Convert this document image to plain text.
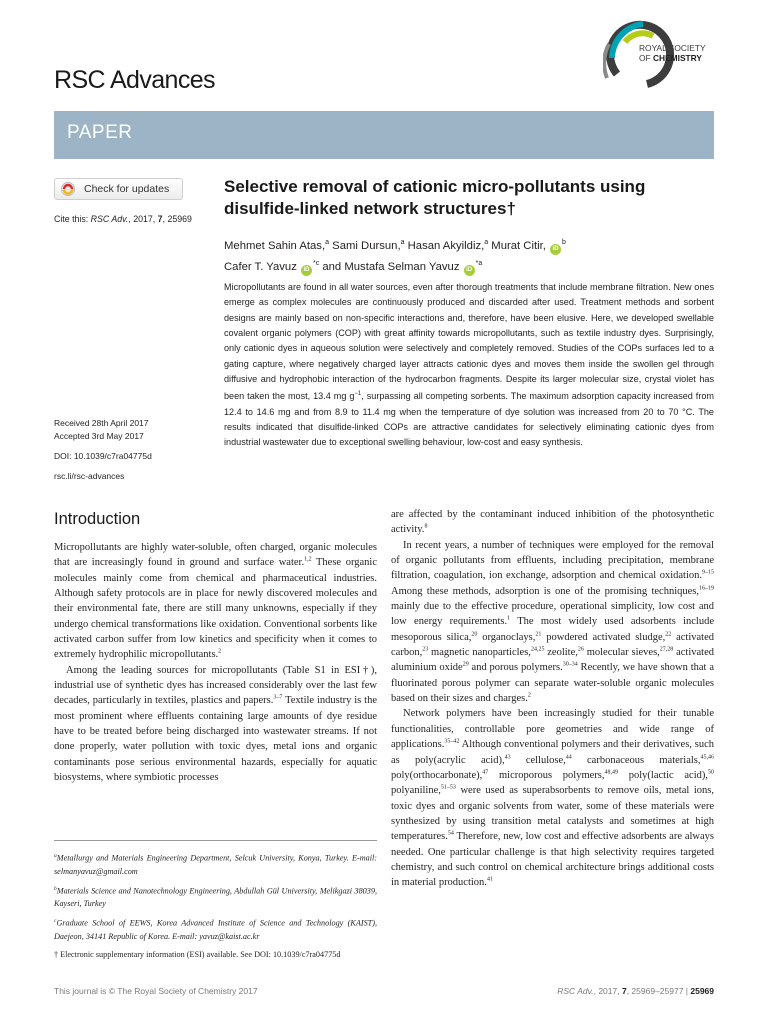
RSC Advances
ROYAL SOCIETY
OF CHEMISTRY
PAPER
Check for updates
Cite this: RSC Adv., 2017, 7, 25969
Selective removal of cationic micro-pollutants using disulfide-linked network structures†
Mehmet Sahin Atas,$^a$ Sami Dursun,$^a$ Hasan Akyildiz,$^a$ Murat Citir, $iD^b$
Cafer T. Yavuz $iD^{*c}$ and Mustafa Selman Yavuz $iD^{*a}$
Micropollutants are found in all water sources, even after thorough treatments that include membrane filtration. New ones emerge as complex molecules are continuously produced and discarded after used. Treatment methods and sorbent designs are mainly based on non-specific interactions and, therefore, have been elusive. Here, we developed swellable covalent organic polymers (COP) with great affinity towards micropollutants, such as textile industry dyes. Surprisingly, only cationic dyes in aqueous solution were selectively and completely removed. Studies of the COPs surfaces led to a gating capture, where negatively charged layer attracts cationic dyes and moves them inside the swollen gel through diffusive and hydrophobic interaction of the hydrocarbon fragments. Despite its larger molecular size, crystal violet has been taken the most, 13.4 mg $g^{-1}$, surpassing all competing sorbents. The maximum adsorption capacity increased from 12.4 to 14.6 mg and from 8.9 to 11.4 mg when the temperature of dye solution was increased from 20 to 70 °C. The results indicated that disulfide-linked COPs are attractive candidates for selectively eliminating cationic dyes from industrial wastewater due to exceptional swelling behaviour, low-cost and easy synthesis.
Received 28th April 2017
Accepted 3rd May 2017
DOI: 10.1039/c7ra04775d
rsc.li/rsc-advances
Introduction

Micropollutants are highly water-soluble, often charged, organic molecules that are increasingly found in ground and surface water.$^{1,2}$ These organic molecules mainly come from chemical and pharmaceutical industries. Although safety protocols are in place for newly discovered molecules and their environmental fate, there are still many unknowns, especially if they undergo chemical transformations like oxidation. Conventional sorbents like activated carbon suffer from low kinetics and specificity when it comes to extremely hydrophilic micropollutants.$^2$

Among the leading sources for micropollutants (Table S1 in ESI†), industrial use of synthetic dyes has increased considerably over the last few decades, particularly in textiles, plastics and papers.$^{3-7}$ Textile industry is the most prominent where effluents containing large amounts of dye residue have to be treated before being discharged into wastewater streams. If not done properly, water pollution with toxic dyes, metal ions and organic contaminants pose serious environmental hazards, especially for aquatic biosystems, where symbiotic processes

are affected by the contaminant induced inhibition of the photosynthetic activity.$^8$

In recent years, a number of techniques were employed for the removal of organic pollutants from effluents, including precipitation, membrane filtration, coagulation, ion exchange, adsorption and chemical oxidation.$^{9-15}$ Among these methods, adsorption is one of the promising techniques,$^{16-19}$ mainly due to the effective procedure, operational simplicity, low cost and low energy requirements.$^1$ The most widely used adsorbents include mesoporous silica,$^{20}$ organoclays,$^{21}$ powdered activated sludge,$^{22}$ activated carbon,$^{23}$ magnetic nanoparticles,$^{24,25}$ zeolite,$^{26}$ molecular sieves,$^{27,28}$ activated aluminium oxide$^{29}$ and porous polymers.$^{30-34}$ Recently, we have shown that a fluorinated porous polymer can separate water-soluble organic molecules based on their sizes and charges.$^2$

Network polymers have been increasingly studied for their tunable functionalities, controllable pore geometries and wide range of applications.$^{35-42}$ Although conventional polymers and their derivatives, such as poly(acrylic acid),$^{43}$ cellulose,$^{44}$ carbonaceous materials,$^{45,46}$ poly(orthocarbonate),$^{47}$ microporous polymers,$^{48,49}$ poly(lactic acid),$^{50}$ polyaniline,$^{51-53}$ were used as superabsorbents to remove oils, metal ions, toxic dyes and organic solvents from water, some of these materials were synthesized by using transition metal catalysts and sometimes at high temperatures.$^{54}$ Therefore, new, low cost and effective adsorbents are always needed. One particular challenge is that high selectivity requires targeted chemistry, and such control on chemical architecture brings additional costs in material production.$^{41}$

$^a$Metallurgy and Materials Engineering Department, Selcuk University, Konya, Turkey. E-mail: selmanyavuz@gmail.com

$^b$Materials Science and Nanotechnology Engineering, Abdullah Gül University, Melikgazi 38039, Kayseri, Turkey

$^c$Graduate School of EEWS, Korea Advanced Institute of Science and Technology (KAIST), Daejeon, 34141 Republic of Korea. E-mail: yavuz@kaist.ac.kr

† Electronic supplementary information (ESI) available. See DOI: 10.1039/c7ra04775d

This journal is © The Royal Society of Chemistry 2017	RSC Adv., 2017, 7, 25969–25977 | 25969
